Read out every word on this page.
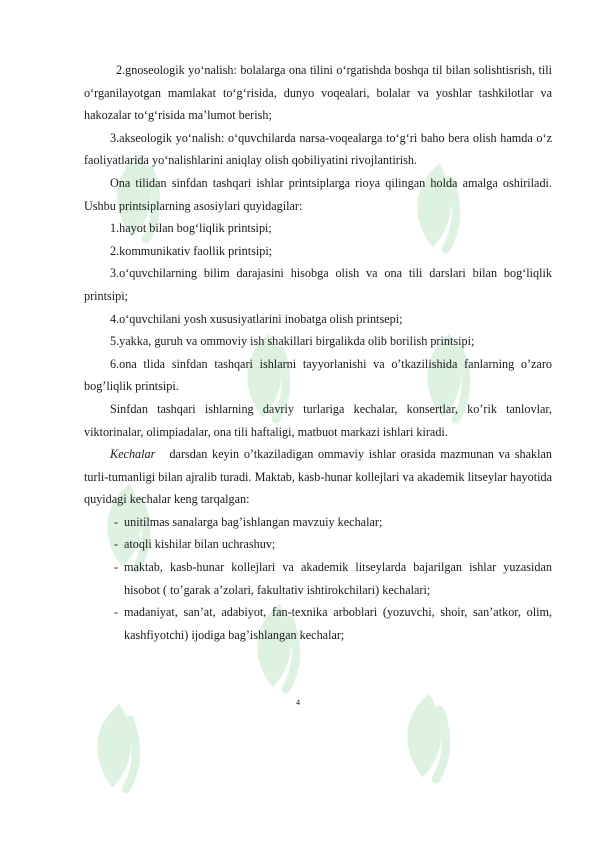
2.gnoseologik yo‘nalish: bolalarga ona tilini o‘rgatishda boshqa til bilan solishtisrish, tili o‘rganilayotgan mamlakat to‘g‘risida, dunyo voqealari, bolalar va yoshlar tashkilotlar va hakozalar to‘g‘risida ma’lumot berish;

3.akseologik yo‘nalish: o‘quvchilarda narsa-voqealarga to‘g‘ri baho bera olish hamda o‘z faoliyatlarida yo‘nalishlarini aniqlay olish qobiliyatini rivojlantirish.

Ona tilidan sinfdan tashqari ishlar printsiplarga rioya qilingan holda amalga oshiriladi. Ushbu printsiplarning asosiylari quyidagilar:

1.hayot bilan bog‘liqlik printsipi;

2.kommunikativ faollik printsipi;

3.o‘quvchilarning bilim darajasini hisobga olish va ona tili darslari bilan bog‘liqlik printsipi;

4.o‘quvchilani yosh xususiyatlarini inobatga olish printsepi;

5.yakka, guruh va ommoviy ish shakillari birgalikda olib borilish printsipi;

6.ona tlida sinfdan tashqari ishlarni tayyorlanishi va o’tkazilishida fanlarning o’zaro bog’liqlik printsipi.

Sinfdan tashqari ishlarning davriy turlariga kechalar, konsertlar, ko’rik tanlovlar, viktorinalar, olimpiadalar, ona tili haftaligi, matbuot markazi ishlari kiradi.

Kechalar   darsdan keyin o’tkaziladigan ommaviy ishlar orasida mazmunan va shaklan   turli-tumanligi bilan ajralib turadi. Maktab, kasb-hunar kollejlari va akademik litseylar hayotida quyidagi kechalar keng tarqalgan:

- unitilmas sanalarga bag’ishlangan mavzuiy kechalar;
- atoqli kishilar bilan uchrashuv;
- maktab, kasb-hunar kollejlari va akademik litseylarda bajarilgan ishlar yuzasidan hisobot ( to’garak a’zolari, fakultativ ishtirokchilari) kechalari;
- madaniyat, san’at, adabiyot, fan-texnika arboblari (yozuvchi, shoir, san’atkor, olim, kashfiyotchi) ijodiga bag’ishlangan kechalar;
4
